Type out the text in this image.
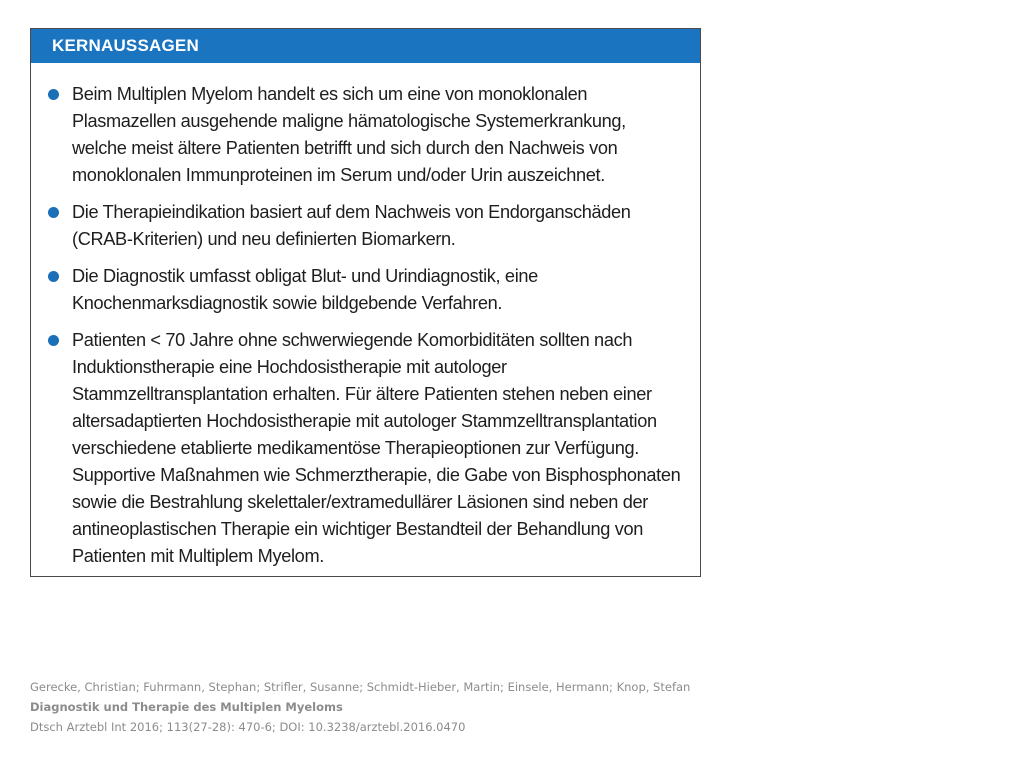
KERNAUSSAGEN
Beim Multiplen Myelom handelt es sich um eine von monoklonalen Plasmazellen ausgehende maligne hämatologische Systemerkrankung, welche meist ältere Patienten betrifft und sich durch den Nachweis von monoklonalen Immunproteinen im Serum und/oder Urin auszeichnet.
Die Therapieindikation basiert auf dem Nachweis von Endorganschäden (CRAB-Kriterien) und neu definierten Biomarkern.
Die Diagnostik umfasst obligat Blut- und Urindiagnostik, eine Knochenmarksdiagnostik sowie bildgebende Verfahren.
Patienten < 70 Jahre ohne schwerwiegende Komorbiditäten sollten nach Induktionstherapie eine Hochdosistherapie mit autologer Stammzelltransplantation erhalten. Für ältere Patienten stehen neben einer altersadaptierten Hochdosistherapie mit autologer Stammzelltransplantation verschiedene etablierte medikamentöse Therapieoptionen zur Verfügung. Supportive Maßnahmen wie Schmerztherapie, die Gabe von Bisphosphonaten sowie die Bestrahlung skelettaler/extramedullärer Läsionen sind neben der antineoplastischen Therapie ein wichtiger Bestandteil der Behandlung von Patienten mit Multiplem Myelom.
Gerecke, Christian; Fuhrmann, Stephan; Strifler, Susanne; Schmidt-Hieber, Martin; Einsele, Hermann; Knop, Stefan
Diagnostik und Therapie des Multiplen Myeloms
Dtsch Arztebl Int 2016; 113(27-28): 470-6; DOI: 10.3238/arztebl.2016.0470
